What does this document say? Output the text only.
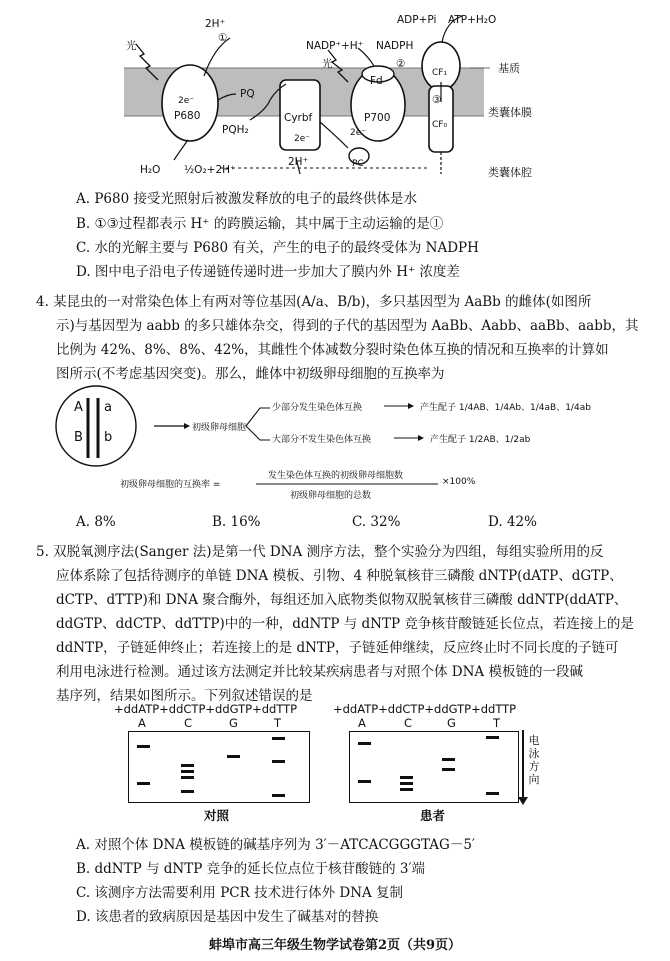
光
2H⁺
①
2e⁻
P680
PQ
PQH₂
Cyrbf
2e⁻
2H⁺
H₂O ½O₂+2H⁺
NADP⁺+H⁺ NADPH
Fd
②
P700
光
PC
2e⁻
ADP+Pi ATP+H₂O
CF₁
③
CF₀
基质
类囊体膜
类囊体腔
A. P680 接受光照射后被激发释放的电子的最终供体是水
B. ①③过程都表示 H⁺ 的跨膜运输，其中属于主动运输的是①
C. 水的光解主要与 P680 有关，产生的电子的最终受体为 NADPH
D. 图中电子沿电子传递链传递时进一步加大了膜内外 H⁺ 浓度差
4. 某昆虫的一对常染色体上有两对等位基因(A/a、B/b)，多只基因型为 AaBb 的雌体(如图所
示)与基因型为 aabb 的多只雄体杂交，得到的子代的基因型为 AaBb、Aabb、aaBb、aabb，其
比例为 42%、8%、8%、42%，其雌性个体减数分裂时染色体互换的情况和互换率的计算如
图所示(不考虑基因突变)。那么，雌体中初级卵母细胞的互换率为
A a
B b
初级卵母细胞
少部分发生染色体互换
大部分不发生染色体互换
产生配子 1/4AB、1/4Ab、1/4aB、1/4ab
产生配子 1/2AB、1/2ab
初级卵母细胞的互换率 =
发生染色体互换的初级卵母细胞数
初级卵母细胞的总数
×100%
A. 8%	B. 16%	C. 32%	D. 42%
5. 双脱氧测序法(Sanger 法)是第一代 DNA 测序方法，整个实验分为四组，每组实验所用的反
应体系除了包括待测序的单链 DNA 模板、引物、4 种脱氧核苷三磷酸 dNTP(dATP、dGTP、
dCTP、dTTP)和 DNA 聚合酶外，每组还加入底物类似物双脱氧核苷三磷酸 ddNTP(ddATP、
ddGTP、ddCTP、ddTTP)中的一种，ddNTP 与 dNTP 竞争核苷酸链延长位点，若连接上的是
ddNTP，子链延伸终止；若连接上的是 dNTP，子链延伸继续，反应终止时不同长度的子链可
利用电泳进行检测。通过该方法测定并比较某疾病患者与对照个体 DNA 模板链的一段碱
基序列，结果如图所示。下列叙述错误的是
+ddATP+ddCTP+ddGTP+ddTTP	+ddATP+ddCTP+ddGTP+ddTTP
A	C	G	T	A	C	G	T
电泳方向
对照	患者
A. 对照个体 DNA 模板链的碱基序列为 3′－ATCACGGGTAG－5′
B. ddNTP 与 dNTP 竞争的延长位点位于核苷酸链的 3′端
C. 该测序方法需要利用 PCR 技术进行体外 DNA 复制
D. 该患者的致病原因是基因中发生了碱基对的替换
蚌埠市高三年级生物学试卷第2页（共9页）
